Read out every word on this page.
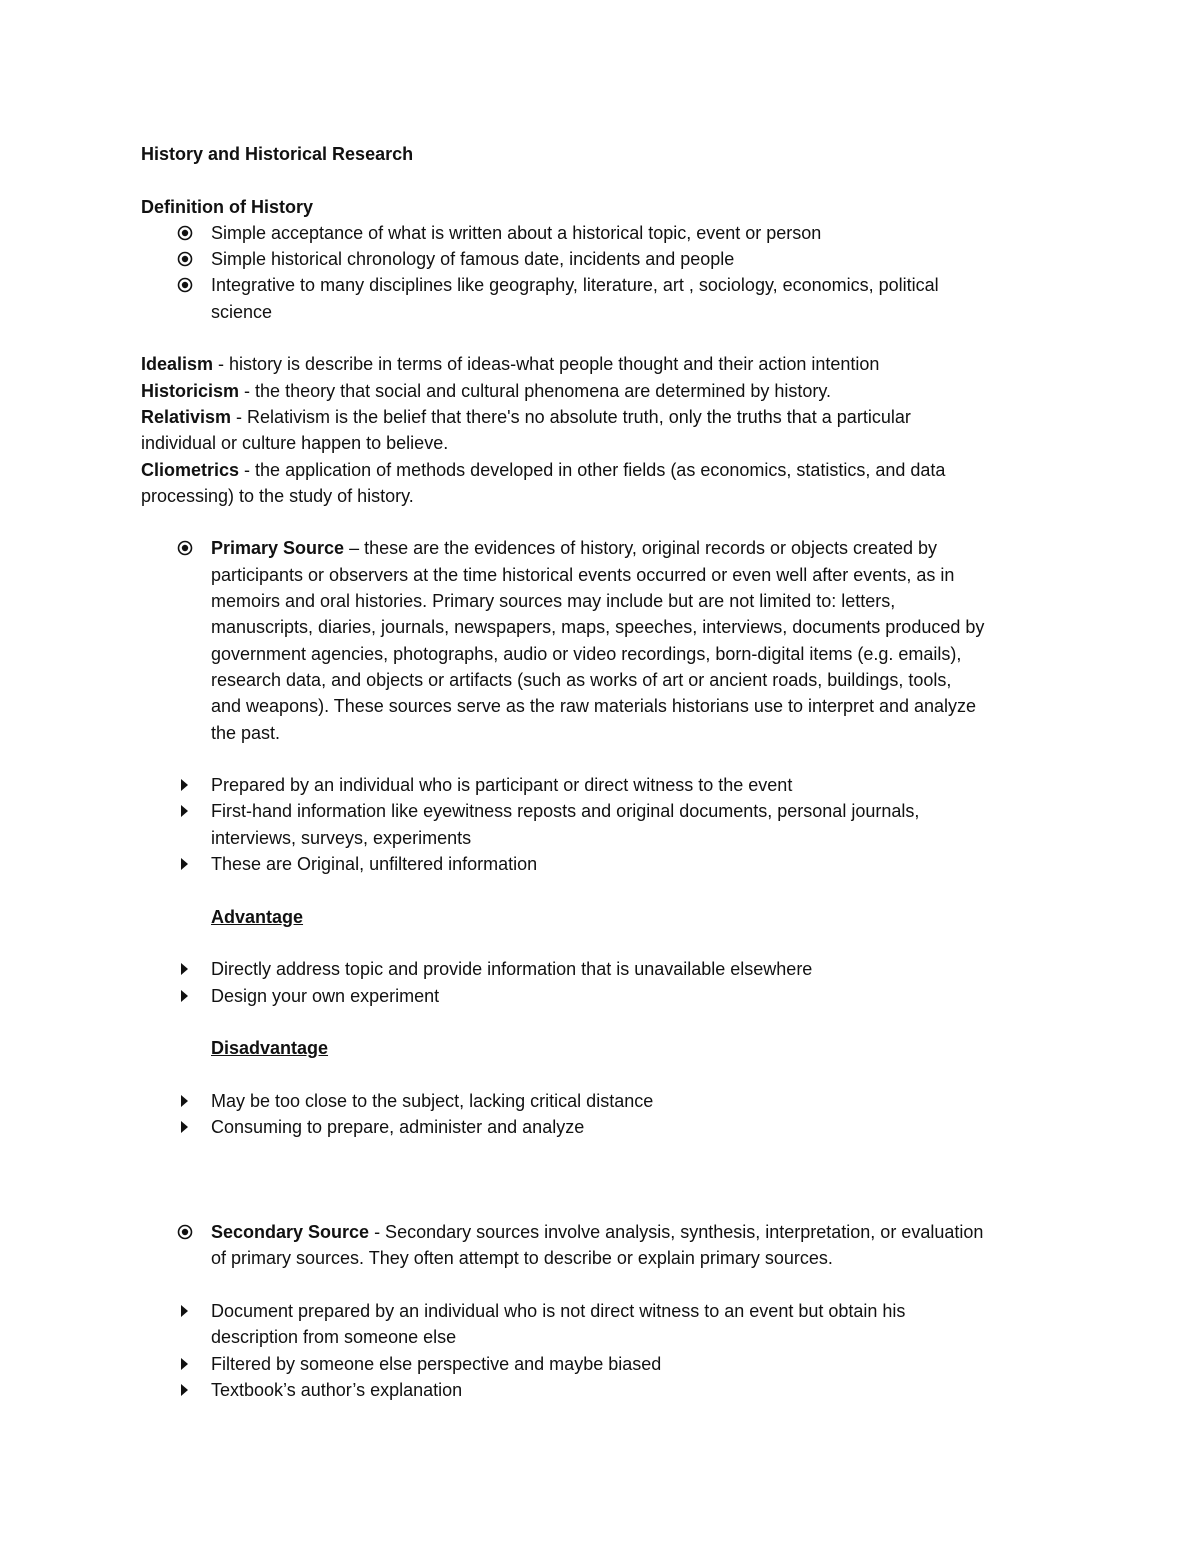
History and Historical Research
Definition of History
Simple acceptance of what is written about a historical topic, event or person
Simple historical chronology of famous date, incidents and people
Integrative to many disciplines like geography, literature, art , sociology, economics, political
science
Idealism - history is describe in terms of ideas-what people thought and their action intention
Historicism - the theory that social and cultural phenomena are determined by history.
Relativism - Relativism is the belief that there's no absolute truth, only the truths that a particular
individual or culture happen to believe.
Cliometrics - the application of methods developed in other fields (as economics, statistics, and data
processing) to the study of history.
Primary Source – these are the evidences of history, original records or objects created by
participants or observers at the time historical events occurred or even well after events, as in
memoirs and oral histories. Primary sources may include but are not limited to: letters,
manuscripts, diaries, journals, newspapers, maps, speeches, interviews, documents produced by
government agencies, photographs, audio or video recordings, born-digital items (e.g. emails),
research data, and objects or artifacts (such as works of art or ancient roads, buildings, tools,
and weapons). These sources serve as the raw materials historians use to interpret and analyze
the past.
Prepared by an individual who is participant or direct witness to the event
First-hand information like eyewitness reposts and original documents, personal journals,
interviews, surveys, experiments
These are Original, unfiltered information
Advantage
Directly address topic and provide information that is unavailable elsewhere
Design your own experiment
Disadvantage
May be too close to the subject, lacking critical distance
Consuming to prepare, administer and analyze
Secondary Source - Secondary sources involve analysis, synthesis, interpretation, or evaluation
of primary sources. They often attempt to describe or explain primary sources.
Document prepared by an individual who is not direct witness to an event but obtain his
description from someone else
Filtered by someone else perspective and maybe biased
Textbook’s author’s explanation
